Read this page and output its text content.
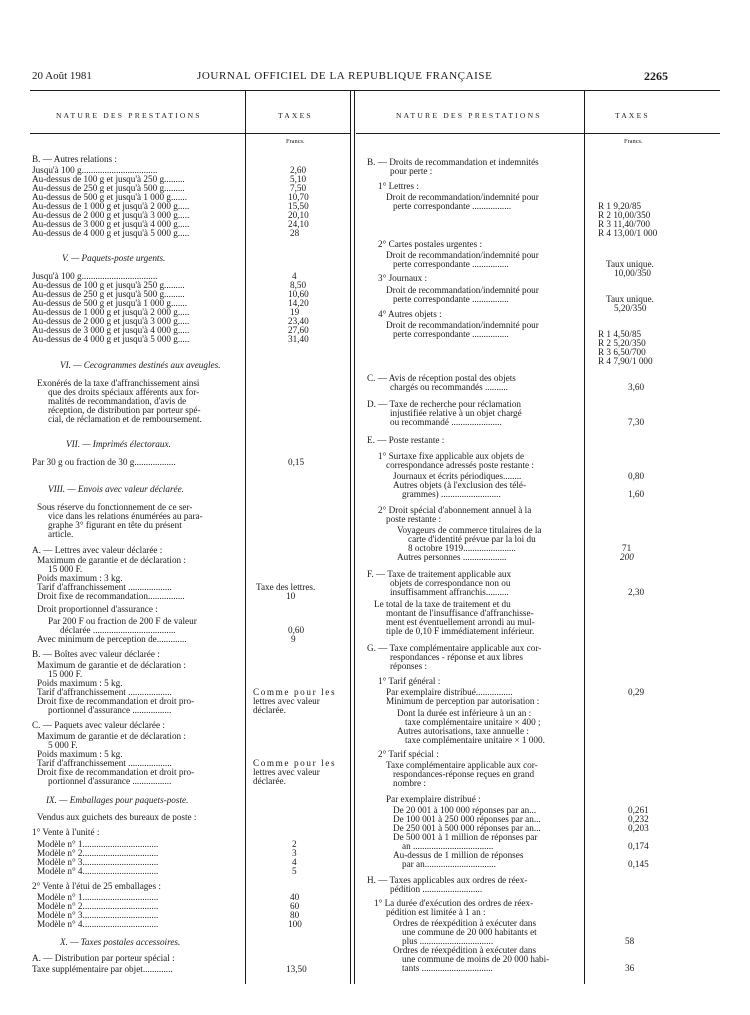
20 Août 1981	JOURNAL OFFICIEL DE LA REPUBLIQUE FRANÇAISE	2265
NATURE DES PRESTATIONS	TAXES
Francs.
NATURE DES PRESTATIONS	TAXES
Francs.
B. — Autres relations :
Jusqu'à 100 g.................................	2,60
Au-dessus de 100 g et jusqu'à 250 g.........	5,10
Au-dessus de 250 g et jusqu'à 500 g.........	7,50
Au-dessus de 500 g et jusqu'à 1 000 g.......	10,70
Au-dessus de 1 000 g et jusqu'à 2 000 g.....	15,50
Au-dessus de 2 000 g et jusqu'à 3 000 g.....	20,10
Au-dessus de 3 000 g et jusqu'à 4 000 g.....	24,10
Au-dessus de 4 000 g et jusqu'à 5 000 g.....	28
V. — Paquets-poste urgents.
Jusqu'à 100 g.................................	4
Au-dessus de 100 g et jusqu'à 250 g.........	8,50
Au-dessus de 250 g et jusqu'à 500 g.........	10,60
Au-dessus de 500 g et jusqu'à 1 000 g.......	14,20
Au-dessus de 1 000 g et jusqu'à 2 000 g.....	19
Au-dessus de 2 000 g et jusqu'à 3 000 g.....	23,40
Au-dessus de 3 000 g et jusqu'à 4 000 g.....	27,60
Au-dessus de 4 000 g et jusqu'à 5 000 g.....	31,40
VI. — Cecogrammes destinés aux aveugles.
Exonérés de la taxe d'affranchissement ainsi
que des droits spéciaux afférents aux for-
malités de recommandation, d'avis de
réception, de distribution par porteur spé-
cial, de réclamation et de remboursement.
VII. — Imprimés électoraux.
Par 30 g ou fraction de 30 g..................	0,15
VIII. — Envois avec valeur déclarée.
Sous réserve du fonctionnement de ce ser-
vice dans les relations énumérées au para-
graphe 3° figurant en tête du présent
article.
A. — Lettres avec valeur déclarée :
Maximum de garantie et de déclaration :
15 000 F.
Poids maximum : 3 kg.
Tarif d'affranchissement ...................	Taxe des lettres.
Droit fixe de recommandation................	10
Droit proportionnel d'assurance :
Par 200 F ou fraction de 200 F de valeur
déclarée ....................................	0,60
Avec minimum de perception de.............	9
B. — Boîtes avec valeur déclarée :
Maximum de garantie et de déclaration :
15 000 F.
Poids maximum : 5 kg.
Tarif d'affranchissement ...................	Comme pour les
Droit fixe de recommandation et droit pro-	lettres avec valeur
portionnel d'assurance .................	déclarée.
C. — Paquets avec valeur déclarée :
Maximum de garantie et de déclaration :
5 000 F.
Poids maximum : 5 kg.
Tarif d'affranchissement ...................	Comme pour les
Droit fixe de recommandation et droit pro-	lettres avec valeur
portionnel d'assurance .................	déclarée.
IX. — Emballages pour paquets-poste.
Vendus aux guichets des bureaux de poste :
1° Vente à l'unité :
Modèle n° 1.................................	2
Modèle n° 2.................................	3
Modèle n° 3.................................	4
Modèle n° 4.................................	5
2° Vente à l'étui de 25 emballages :
Modèle n° 1.................................	40
Modèle n° 2.................................	60
Modèle n° 3.................................	80
Modèle n° 4.................................	100
X. — Taxes postales accessoires.
A. — Distribution par porteur spécial :
Taxe supplémentaire par objet.............	13,50
B. — Droits de recommandation et indemnités
pour perte :
1° Lettres :
Droit de recommandation/indemnité pour
perte correspondante .................	R 1 9,20/85
R 2 10,00/350
R 3 11,40/700
R 4 13,00/1 000
2° Cartes postales urgentes :
Droit de recommandation/indemnité pour
perte correspondante ................	Taux unique.
10,00/350
3° Journaux :
Droit de recommandation/indemnité pour
perte correspondante ................	Taux unique.
5,20/350
4° Autres objets :
Droit de recommandation/indemnité pour
perte correspondante ................	R 1 4,50/85
R 2 5,20/350
R 3 6,50/700
R 4 7,90/1 000
C. — Avis de réception postal des objets
chargés ou recommandés ..........	3,60
D. — Taxe de recherche pour réclamation
injustifiée relative à un objet chargé
ou recommandé ......................	7,30
E. — Poste restante :
1° Surtaxe fixe applicable aux objets de
correspondance adressés poste restante :
Journaux et écrits périodiques........	0,80
Autres objets (à l'exclusion des télé-
grammes) ..........................	1,60
2° Droit spécial d'abonnement annuel à la
poste restante :
Voyageurs de commerce titulaires de la
carte d'identité prévue par la loi du
8 octobre 1919.......................	71
Autres personnes ...................	200
F. — Taxe de traitement applicable aux
objets de correspondance non ou
insuffisamment affranchis..........	2,30
Le total de la taxe de traitement et du
montant de l'insuffisance d'affranchisse-
ment est éventuellement arrondi au mul-
tiple de 0,10 F immédiatement inférieur.
G. — Taxe complémentaire applicable aux cor-
respondances - réponse et aux libres
réponses :
1° Tarif général :
Par exemplaire distribué................	0,29
Minimum de perception par autorisation :
Dont la durée est inférieure à un an :
taxe complémentaire unitaire × 400 ;
Autres autorisations, taxe annuelle :
taxe complémentaire unitaire × 1 000.
2° Tarif spécial :
Taxe complémentaire applicable aux cor-
respondances-réponse reçues en grand
nombre :
Par exemplaire distribué :
De 20 001 à 100 000 réponses par an...	0,261
De 100 001 à 250 000 réponses par an...	0,232
De 250 001 à 500 000 réponses par an...	0,203
De 500 001 à 1 million de réponses par
an ...................................	0,174
Au-dessus de 1 million de réponses
par an...............................	0,145
H. — Taxes applicables aux ordres de réex-
pédition ..........................
1° La durée d'exécution des ordres de réex-
pédition est limitée à 1 an :
Ordres de réexpédition à exécuter dans
une commune de 20 000 habitants et
plus ................................	58
Ordres de réexpédition à exécuter dans
une commune de moins de 20 000 habi-
tants ...............................	36
